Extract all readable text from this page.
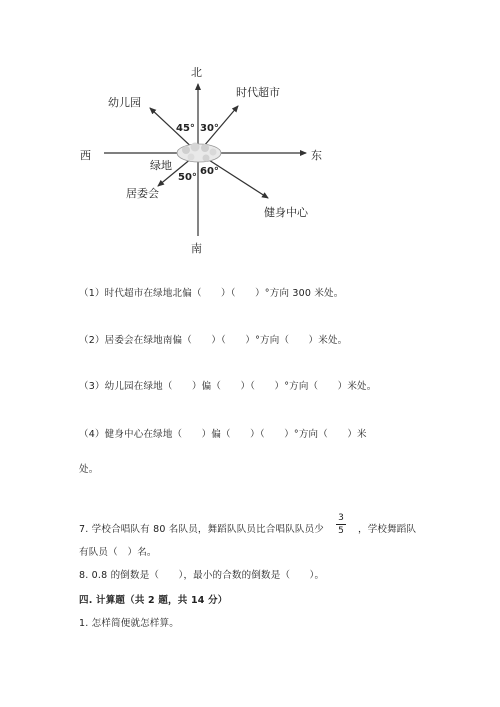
北
南
西	东
绿地
时代超市
幼儿园
居委会
健身中心
45° 30°
50°
60°
（1）时代超市在绿地北偏（　　）（　　）°方向 300 米处。
（2）居委会在绿地南偏（　　）（　　）°方向（　　）米处。
（3）幼儿园在绿地（　　）偏（　　）（　　）°方向（　　）米处。
（4）健身中心在绿地（　　）偏（　　）（　　）°方向（　　）米
处。
7. 学校合唱队有 80 名队员，舞蹈队队员比合唱队队员少
3
5 ，学校舞蹈队
有队员（　）名。
8. 0.8 的倒数是（　　），最小的合数的倒数是（　　）。
四. 计算题（共 2 题，共 14 分）
1. 怎样简便就怎样算。
